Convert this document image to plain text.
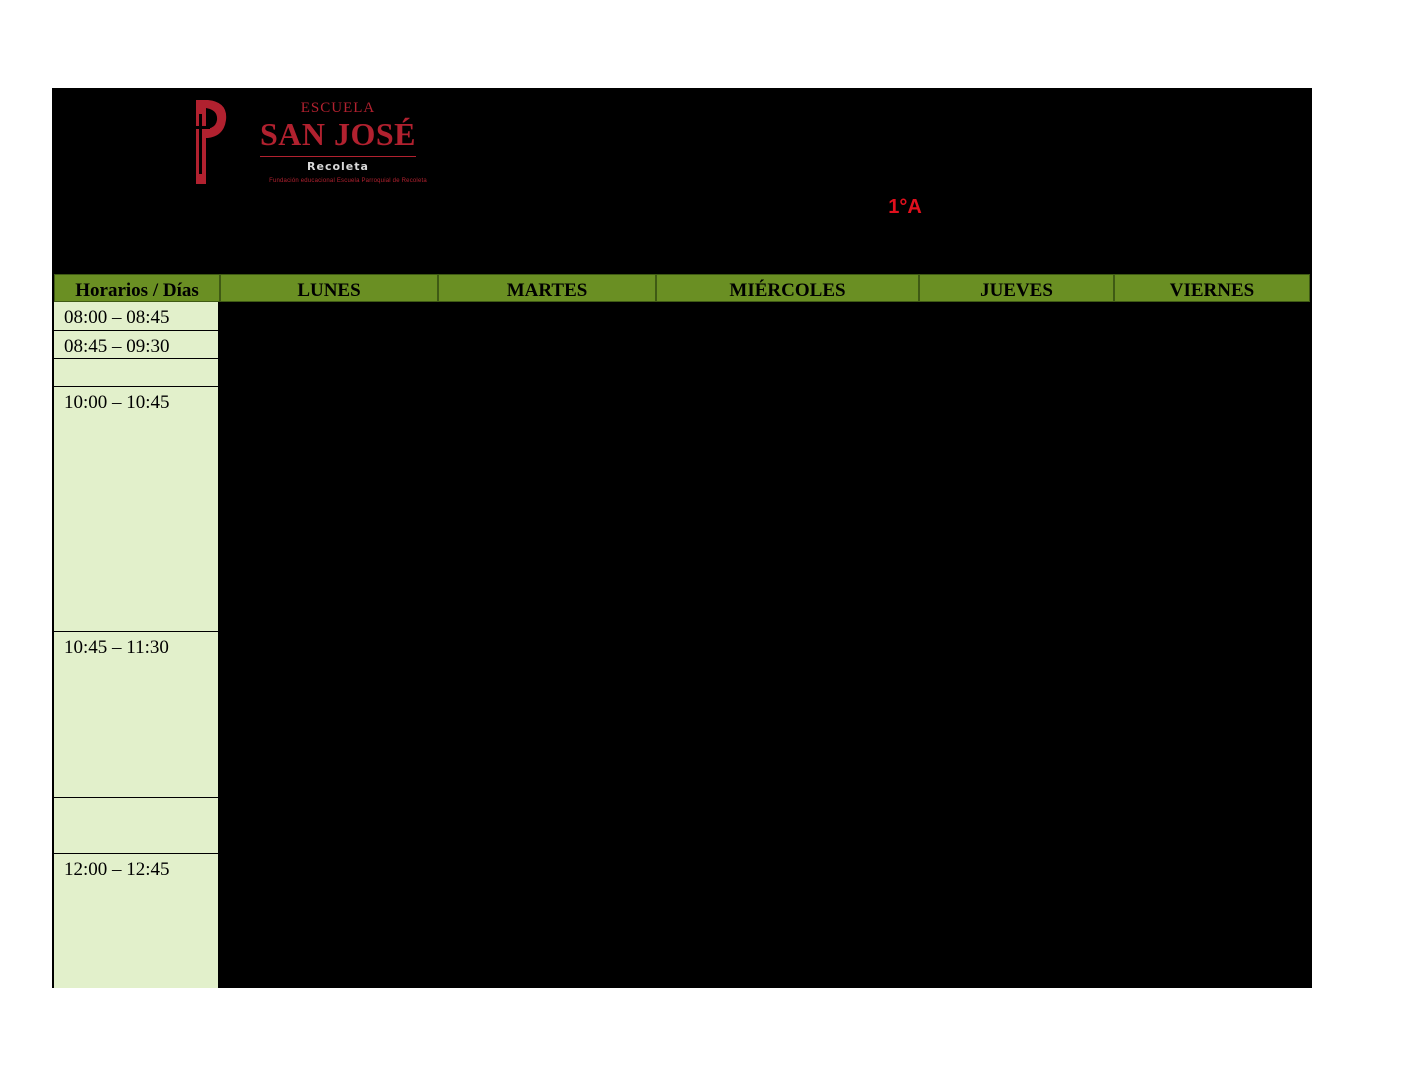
ESCUELA
SAN JOSÉ
Recoleta
Fundación educacional Escuela Parroquial de Recoleta
1°A
Horarios / Días	LUNES	MARTES	MIÉRCOLES	JUEVES	VIERNES
08:00 – 08:45
08:45 – 09:30
10:00 – 10:45
10:45 – 11:30
12:00 – 12:45
